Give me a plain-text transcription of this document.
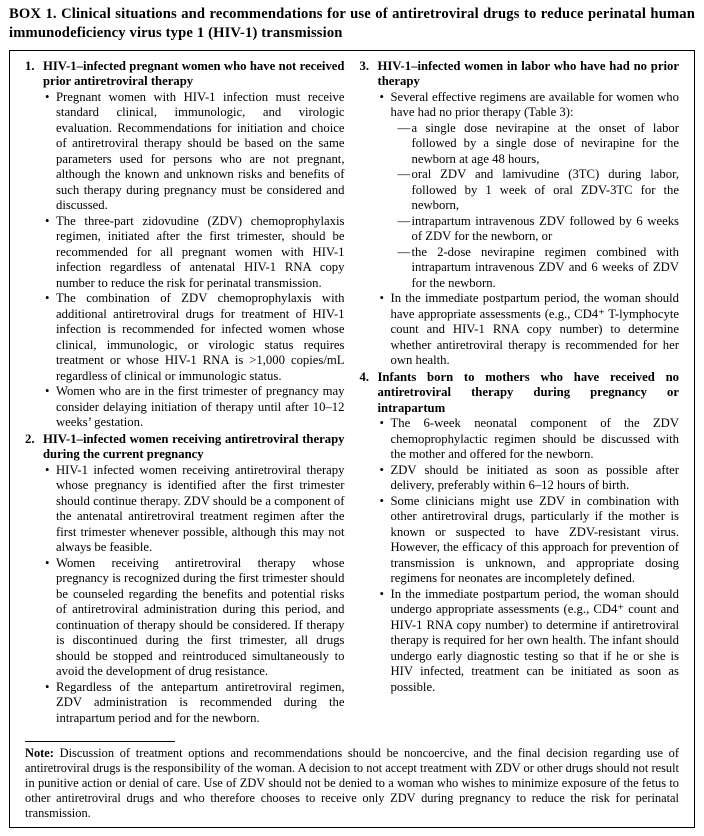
BOX 1. Clinical situations and recommendations for use of antiretroviral drugs to reduce perinatal human immunodeficiency virus type 1 (HIV-1) transmission
1. HIV-1–infected pregnant women who have not received prior antiretroviral therapy
• Pregnant women with HIV-1 infection must receive standard clinical, immunologic, and virologic evaluation. Recommendations for initiation and choice of antiretroviral therapy should be based on the same parameters used for persons who are not pregnant, although the known and unknown risks and benefits of such therapy during pregnancy must be considered and discussed.
• The three-part zidovudine (ZDV) chemoprophylaxis regimen, initiated after the first trimester, should be recommended for all pregnant women with HIV-1 infection regardless of antenatal HIV-1 RNA copy number to reduce the risk for perinatal transmission.
• The combination of ZDV chemoprophylaxis with additional antiretroviral drugs for treatment of HIV-1 infection is recommended for infected women whose clinical, immunologic, or virologic status requires treatment or whose HIV-1 RNA is >1,000 copies/mL regardless of clinical or immunologic status.
• Women who are in the first trimester of pregnancy may consider delaying initiation of therapy until after 10–12 weeks’ gestation.
2. HIV-1–infected women receiving antiretroviral therapy during the current pregnancy
• HIV-1 infected women receiving antiretroviral therapy whose pregnancy is identified after the first trimester should continue therapy. ZDV should be a component of the antenatal antiretroviral treatment regimen after the first trimester whenever possible, although this may not always be feasible.
• Women receiving antiretroviral therapy whose pregnancy is recognized during the first trimester should be counseled regarding the benefits and potential risks of antiretroviral administration during this period, and continuation of therapy should be considered. If therapy is discontinued during the first trimester, all drugs should be stopped and reintroduced simultaneously to avoid the development of drug resistance.
• Regardless of the antepartum antiretroviral regimen, ZDV administration is recommended during the intrapartum period and for the newborn.
3. HIV-1–infected women in labor who have had no prior therapy
• Several effective regimens are available for women who have had no prior therapy (Table 3):
— a single dose nevirapine at the onset of labor followed by a single dose of nevirapine for the newborn at age 48 hours,
— oral ZDV and lamivudine (3TC) during labor, followed by 1 week of oral ZDV-3TC for the newborn,
— intrapartum intravenous ZDV followed by 6 weeks of ZDV for the newborn, or
— the 2-dose nevirapine regimen combined with intrapartum intravenous ZDV and 6 weeks of ZDV for the newborn.
• In the immediate postpartum period, the woman should have appropriate assessments (e.g., CD4⁺ T-lymphocyte count and HIV-1 RNA copy number) to determine whether antiretroviral therapy is recommended for her own health.
4. Infants born to mothers who have received no antiretroviral therapy during pregnancy or intrapartum
• The 6-week neonatal component of the ZDV chemoprophylactic regimen should be discussed with the mother and offered for the newborn.
• ZDV should be initiated as soon as possible after delivery, preferably within 6–12 hours of birth.
• Some clinicians might use ZDV in combination with other antiretroviral drugs, particularly if the mother is known or suspected to have ZDV-resistant virus. However, the efficacy of this approach for prevention of transmission is unknown, and appropriate dosing regimens for neonates are incompletely defined.
• In the immediate postpartum period, the woman should undergo appropriate assessments (e.g., CD4⁺ count and HIV-1 RNA copy number) to determine if antiretroviral therapy is required for her own health. The infant should undergo early diagnostic testing so that if he or she is HIV infected, treatment can be initiated as soon as possible.
Note: Discussion of treatment options and recommendations should be noncoercive, and the final decision regarding use of antiretroviral drugs is the responsibility of the woman. A decision to not accept treatment with ZDV or other drugs should not result in punitive action or denial of care. Use of ZDV should not be denied to a woman who wishes to minimize exposure of the fetus to other antiretroviral drugs and who therefore chooses to receive only ZDV during pregnancy to reduce the risk for perinatal transmission.
